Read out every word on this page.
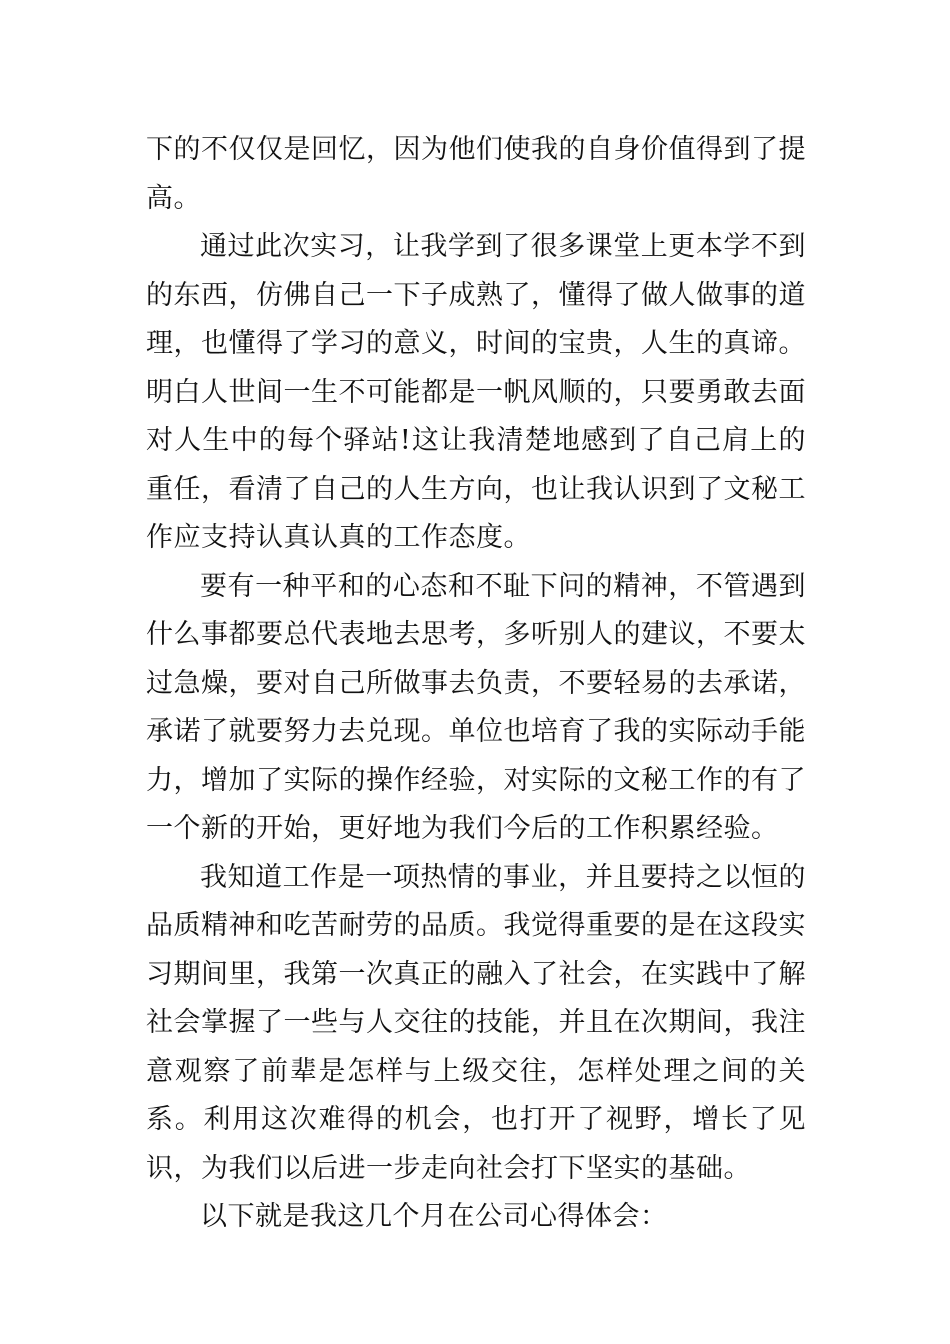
下的不仅仅是回忆，因为他们使我的自身价值得到了提高。

通过此次实习，让我学到了很多课堂上更本学不到的东西，仿佛自己一下子成熟了，懂得了做人做事的道理，也懂得了学习的意义，时间的宝贵，人生的真谛。明白人世间一生不可能都是一帆风顺的，只要勇敢去面对人生中的每个驿站!这让我清楚地感到了自己肩上的重任，看清了自己的人生方向，也让我认识到了文秘工作应支持认真认真的工作态度。

要有一种平和的心态和不耻下问的精神，不管遇到什么事都要总代表地去思考，多听别人的建议，不要太过急燥，要对自己所做事去负责，不要轻易的去承诺，承诺了就要努力去兑现。单位也培育了我的实际动手能力，增加了实际的操作经验，对实际的文秘工作的有了一个新的开始，更好地为我们今后的工作积累经验。

我知道工作是一项热情的事业，并且要持之以恒的品质精神和吃苦耐劳的品质。我觉得重要的是在这段实习期间里，我第一次真正的融入了社会，在实践中了解社会掌握了一些与人交往的技能，并且在次期间，我注意观察了前辈是怎样与上级交往，怎样处理之间的关系。利用这次难得的机会，也打开了视野，增长了见识，为我们以后进一步走向社会打下坚实的基础。

以下就是我这几个月在公司心得体会：
